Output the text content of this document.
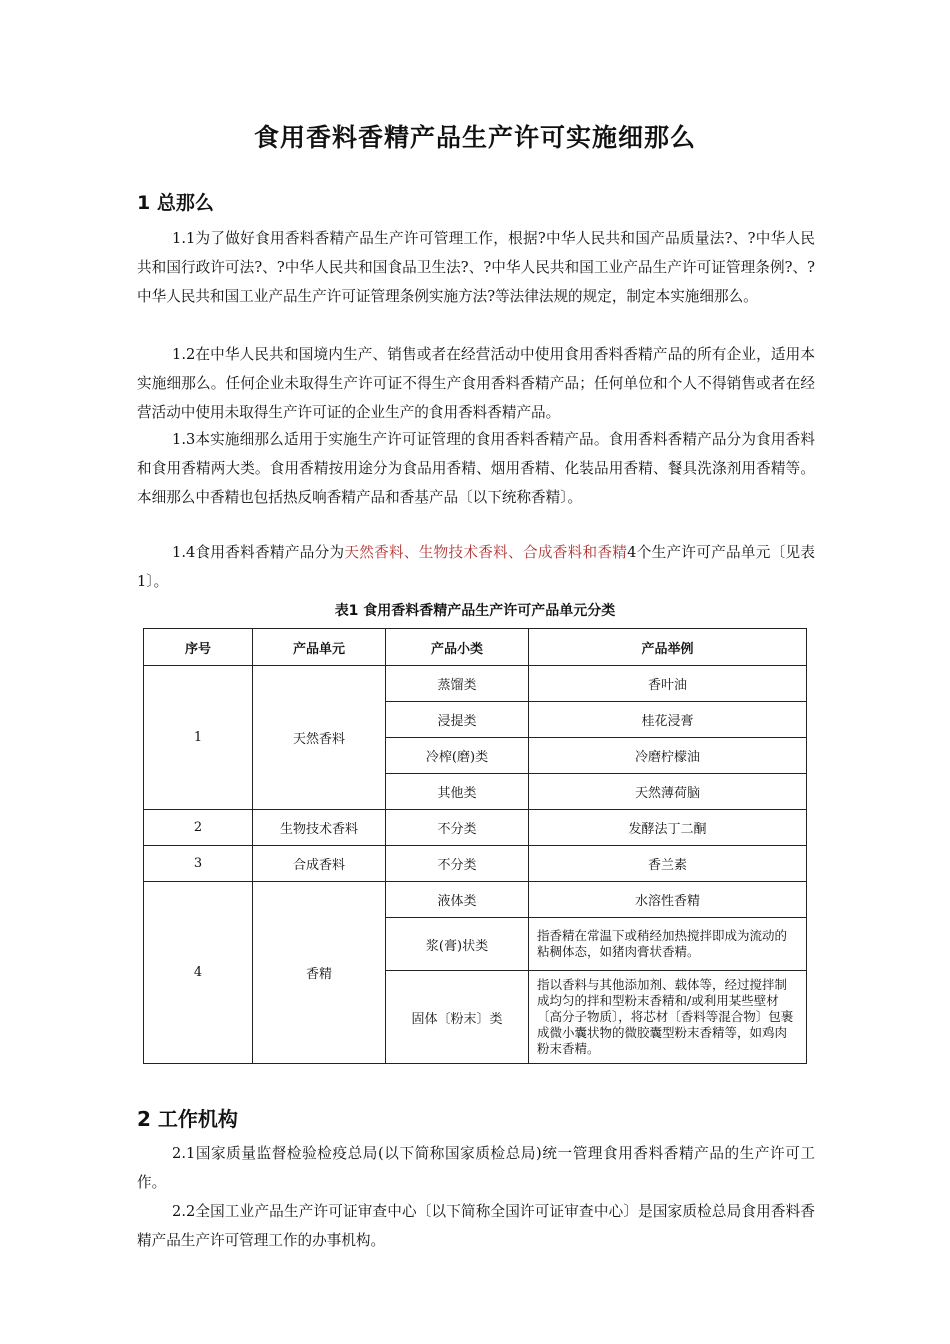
食用香料香精产品生产许可实施细那么
1 总那么
1.1为了做好食用香料香精产品生产许可管理工作，根据?中华人民共和国产品质量法?、?中华人民共和国行政许可法?、?中华人民共和国食品卫生法?、?中华人民共和国工业产品生产许可证管理条例?、?中华人民共和国工业产品生产许可证管理条例实施方法?等法律法规的规定，制定本实施细那么。
1.2在中华人民共和国境内生产、销售或者在经营活动中使用食用香料香精产品的所有企业，适用本实施细那么。任何企业未取得生产许可证不得生产食用香料香精产品；任何单位和个人不得销售或者在经营活动中使用未取得生产许可证的企业生产的食用香料香精产品。
1.3本实施细那么适用于实施生产许可证管理的食用香料香精产品。食用香料香精产品分为食用香料和食用香精两大类。食用香精按用途分为食品用香精、烟用香精、化装品用香精、餐具洗涤剂用香精等。本细那么中香精也包括热反响香精产品和香基产品〔以下统称香精〕。
1.4食用香料香精产品分为天然香料、生物技术香料、合成香料和香精4个生产许可产品单元〔见表1〕。
表1 食用香料香精产品生产许可产品单元分类
序号	产品单元	产品小类	产品举例
1	天然香料	蒸馏类	香叶油
		浸提类	桂花浸膏
		冷榨(磨)类	冷磨柠檬油
		其他类	天然薄荷脑
2	生物技术香料	不分类	发酵法丁二酮
3	合成香料	不分类	香兰素
4	香精	液体类	水溶性香精
		浆(膏)状类	指香精在常温下或稍经加热搅拌即成为流动的粘稠体态，如猪肉膏状香精。
		固体〔粉末〕类	指以香料与其他添加剂、载体等，经过搅拌制成均匀的拌和型粉末香精和/或利用某些壁材〔高分子物质〕，将芯材〔香料等混合物〕包裹成微小囊状物的微胶囊型粉末香精等，如鸡肉粉末香精。
2 工作机构
2.1国家质量监督检验检疫总局(以下简称国家质检总局)统一管理食用香料香精产品的生产许可工作。
2.2全国工业产品生产许可证审查中心〔以下简称全国许可证审查中心〕是国家质检总局食用香料香精产品生产许可管理工作的办事机构。
